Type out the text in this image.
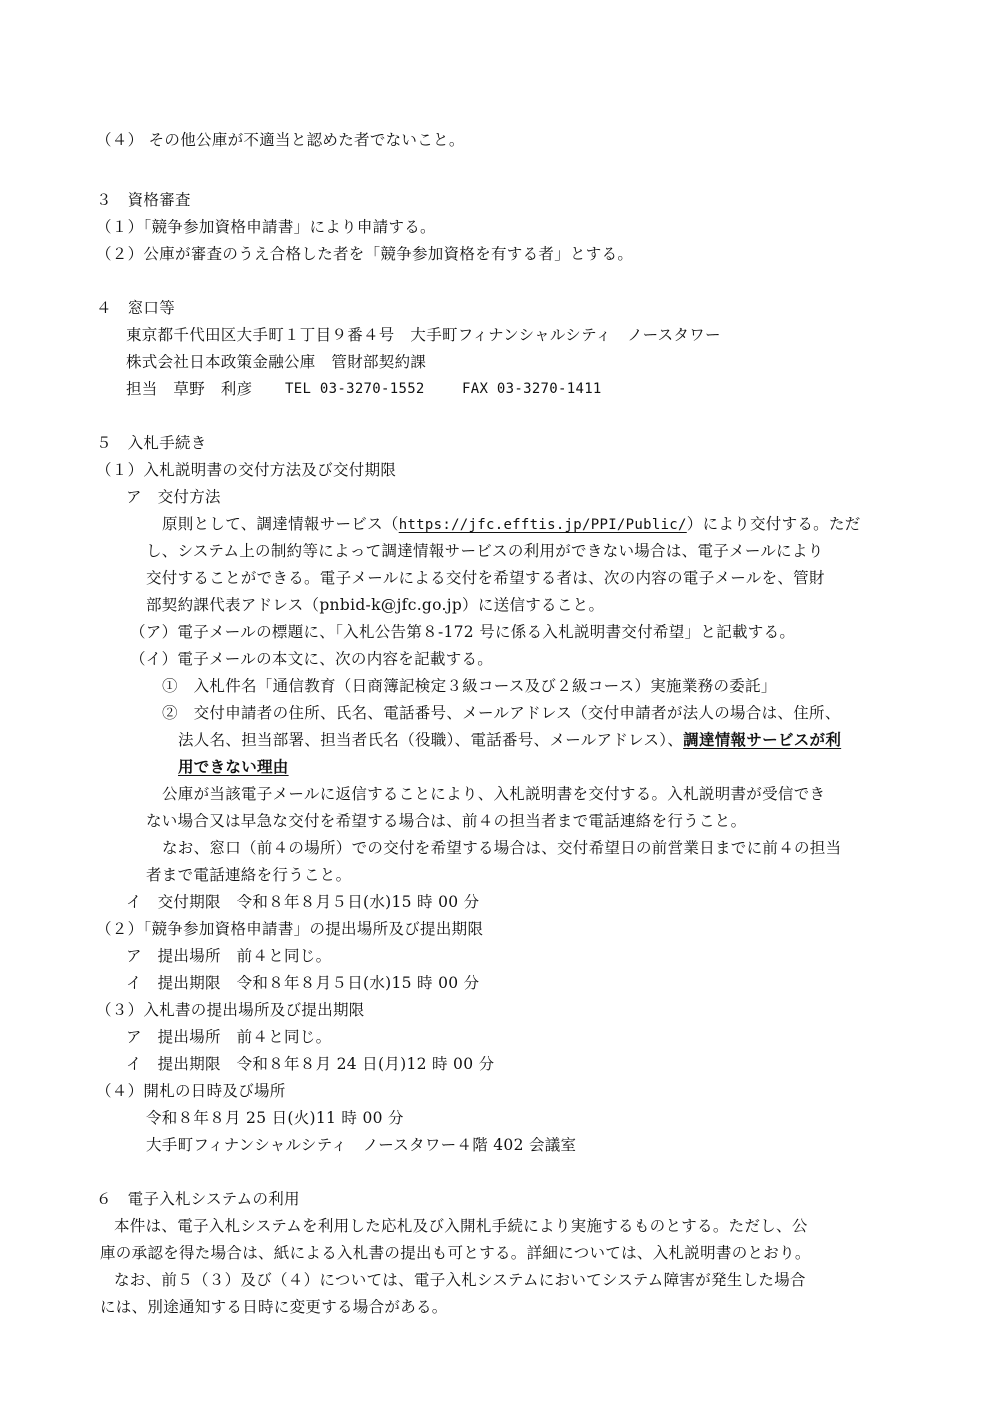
（４） その他公庫が不適当と認めた者でないこと。
３　資格審査
（１）「競争参加資格申請書」により申請する。
（２）公庫が審査のうえ合格した者を「競争参加資格を有する者」とする。
４　窓口等
東京都千代田区大手町１丁目９番４号　大手町フィナンシャルシティ　ノースタワー
株式会社日本政策金融公庫　管財部契約課
担当　草野　利彦 TEL 03-3270-1552	FAX 03-3270-1411
５　入札手続き
（１）入札説明書の交付方法及び交付期限
ア　交付方法
原則として、調達情報サービス（https://jfc.efftis.jp/PPI/Public/）により交付する。ただ
し、システム上の制約等によって調達情報サービスの利用ができない場合は、電子メールにより
交付することができる。電子メールによる交付を希望する者は、次の内容の電子メールを、管財
部契約課代表アドレス（pnbid-k@jfc.go.jp）に送信すること。
（ア）電子メールの標題に、「入札公告第８-172 号に係る入札説明書交付希望」と記載する。
（イ）電子メールの本文に、次の内容を記載する。
①　入札件名「通信教育（日商簿記検定３級コース及び２級コース）実施業務の委託」
②　交付申請者の住所、氏名、電話番号、メールアドレス（交付申請者が法人の場合は、住所、
法人名、担当部署、担当者氏名（役職）、電話番号、メールアドレス）、調達情報サービスが利
用できない理由
公庫が当該電子メールに返信することにより、入札説明書を交付する。入札説明書が受信でき
ない場合又は早急な交付を希望する場合は、前４の担当者まで電話連絡を行うこと。
なお、窓口（前４の場所）での交付を希望する場合は、交付希望日の前営業日までに前４の担当
者まで電話連絡を行うこと。
イ　交付期限　令和８年８月５日(水)15 時 00 分
（２）「競争参加資格申請書」の提出場所及び提出期限
ア　提出場所　前４と同じ。
イ　提出期限　令和８年８月５日(水)15 時 00 分
（３）入札書の提出場所及び提出期限
ア　提出場所　前４と同じ。
イ　提出期限　令和８年８月 24 日(月)12 時 00 分
（４）開札の日時及び場所
令和８年８月 25 日(火)11 時 00 分
大手町フィナンシャルシティ　ノースタワー４階 402 会議室
６　電子入札システムの利用
本件は、電子入札システムを利用した応札及び入開札手続により実施するものとする。ただし、公
庫の承認を得た場合は、紙による入札書の提出も可とする。詳細については、入札説明書のとおり。
なお、前５（３）及び（４）については、電子入札システムにおいてシステム障害が発生した場合
には、別途通知する日時に変更する場合がある。
